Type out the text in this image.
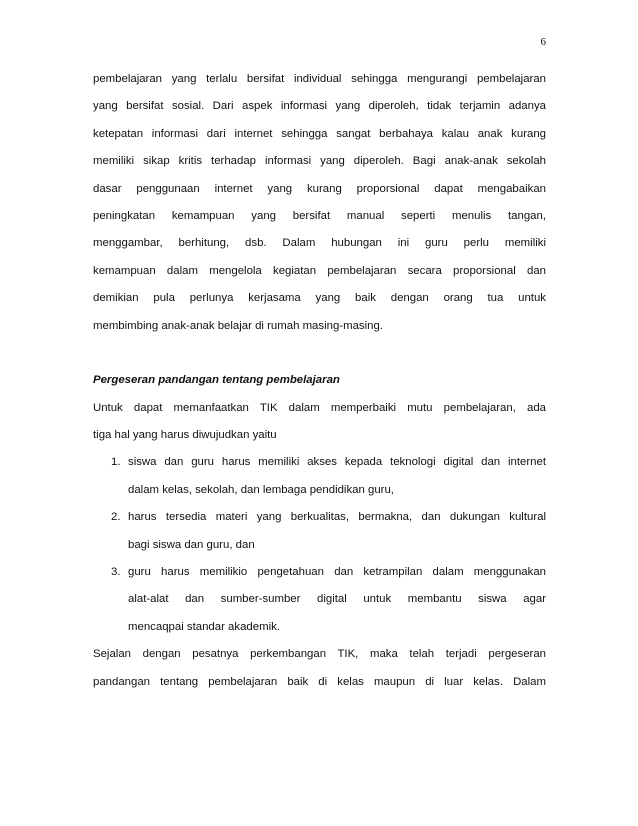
6
pembelajaran yang terlalu bersifat individual sehingga mengurangi pembelajaran
yang bersifat sosial. Dari aspek informasi yang diperoleh, tidak terjamin adanya
ketepatan informasi dari internet sehingga sangat berbahaya kalau anak kurang
memiliki sikap kritis terhadap informasi yang diperoleh. Bagi anak-anak sekolah
dasar penggunaan internet yang kurang proporsional dapat mengabaikan
peningkatan kemampuan yang bersifat manual seperti menulis tangan,
menggambar, berhitung, dsb. Dalam hubungan ini guru perlu memiliki
kemampuan dalam mengelola kegiatan pembelajaran secara proporsional dan
demikian pula perlunya kerjasama yang baik dengan orang tua untuk
membimbing anak-anak belajar di rumah masing-masing.
Pergeseran pandangan tentang pembelajaran
Untuk dapat memanfaatkan TIK dalam memperbaiki mutu pembelajaran, ada
tiga hal yang harus diwujudkan yaitu
1. siswa dan guru harus memiliki akses kepada teknologi digital dan internet
dalam kelas, sekolah, dan lembaga pendidikan guru,
2. harus tersedia materi yang berkualitas, bermakna, dan dukungan kultural
bagi siswa dan guru, dan
3. guru harus memilikio pengetahuan dan ketrampilan dalam menggunakan
alat-alat dan sumber-sumber digital untuk membantu siswa agar
mencaqpai standar akademik.
Sejalan dengan pesatnya perkembangan TIK, maka telah terjadi pergeseran
pandangan tentang pembelajaran baik di kelas maupun di luar kelas. Dalam
